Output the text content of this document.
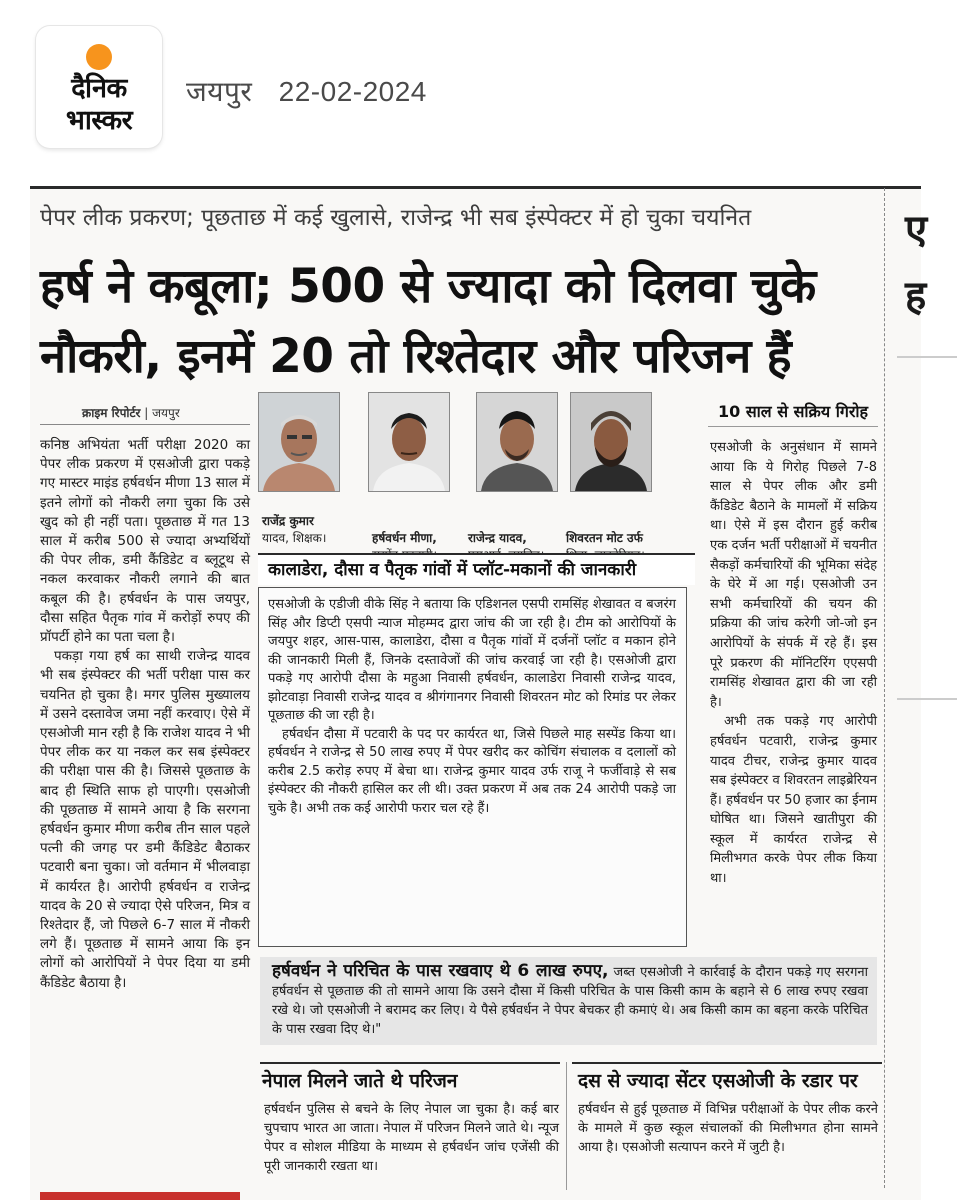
दैनिक
भास्कर
जयपुर 22-02-2024
ए
ह
पेपर लीक प्रकरण; पूछताछ में कई खुलासे, राजेन्द्र भी सब इंस्पेक्टर में हो चुका चयनित
हर्ष ने कबूला; 500 से ज्यादा को दिलवा चुके
नौकरी, इनमें 20 तो रिश्तेदार और परिजन हैं
क्राइम रिपोर्टर | जयपुर

कनिष्ठ अभियंता भर्ती परीक्षा 2020 का पेपर लीक प्रकरण में एसओजी द्वारा पकड़े गए मास्टर माइंड हर्षवर्धन मीणा 13 साल में इतने लोगों को नौकरी लगा चुका कि उसे खुद को ही नहीं पता। पूछताछ में गत 13 साल में करीब 500 से ज्यादा अभ्यर्थियों की पेपर लीक, डमी कैंडिडेट व ब्लूटूथ से नकल करवाकर नौकरी लगाने की बात कबूल की है। हर्षवर्धन के पास जयपुर, दौसा सहित पैतृक गांव में करोड़ों रुपए की प्रॉपर्टी होने का पता चला है।

पकड़ा गया हर्ष का साथी राजेन्द्र यादव भी सब इंस्पेक्टर की भर्ती परीक्षा पास कर चयनित हो चुका है। मगर पुलिस मुख्यालय में उसने दस्तावेज जमा नहीं करवाए। ऐसे में एसओजी मान रही है कि राजेश यादव ने भी पेपर लीक कर या नकल कर सब इंस्पेक्टर की परीक्षा पास की है। जिससे पूछताछ के बाद ही स्थिति साफ हो पाएगी। एसओजी की पूछताछ में सामने आया है कि सरगना हर्षवर्धन कुमार मीणा करीब तीन साल पहले पत्नी की जगह पर डमी कैंडिडेट बैठाकर पटवारी बना चुका। जो वर्तमान में भीलवाड़ा में कार्यरत है। आरोपी हर्षवर्धन व राजेन्द्र यादव के 20 से ज्यादा ऐसे परिजन, मित्र व रिश्तेदार हैं, जो पिछले 6-7 साल में नौकरी लगे हैं। पूछताछ में सामने आया कि इन लोगों को आरोपियों ने पेपर दिया या डमी कैंडिडेट बैठाया है।

राजेंद्र कुमार
यादव, शिक्षक।	हर्षवर्धन मीणा,	राजेन्द्र यादव,	शिवरतन मोट उर्फ

कालाडेरा, दौसा व पैतृक गांवों में प्लॉट-मकानों की जानकारी

एसओजी के एडीजी वीके सिंह ने बताया कि एडिशनल एसपी रामसिंह शेखावत व बजरंग सिंह और डिप्टी एसपी न्याज मोहम्मद द्वारा जांच की जा रही है। टीम को आरोपियों के जयपुर शहर, आस-पास, कालाडेरा, दौसा व पैतृक गांवों में दर्जनों प्लॉट व मकान होने की जानकारी मिली हैं, जिनके दस्तावेजों की जांच करवाई जा रही है। एसओजी द्वारा पकड़े गए आरोपी दौसा के महुआ निवासी हर्षवर्धन, कालाडेरा निवासी राजेन्द्र यादव, झोटवाड़ा निवासी राजेन्द्र यादव व श्रीगंगानगर निवासी शिवरतन मोट को रिमांड पर लेकर पूछताछ की जा रही है।

हर्षवर्धन दौसा में पटवारी के पद पर कार्यरत था, जिसे पिछले माह सस्पेंड किया था। हर्षवर्धन ने राजेन्द्र से 50 लाख रुपए में पेपर खरीद कर कोचिंग संचालक व दलालों को करीब 2.5 करोड़ रुपए में बेचा था। राजेन्द्र कुमार यादव उर्फ राजू ने फर्जीवाड़े से सब इंस्पेक्टर की नौकरी हासिल कर ली थी। उक्त प्रकरण में अब तक 24 आरोपी पकड़े जा चुके है। अभी तक कई आरोपी फरार चल रहे हैं।

10 साल से सक्रिय गिरोह

एसओजी के अनुसंधान में सामने आया कि ये गिरोह पिछले 7-8 साल से पेपर लीक और डमी कैंडिडेट बैठाने के मामलों में सक्रिय था। ऐसे में इस दौरान हुई करीब एक दर्जन भर्ती परीक्षाओं में चयनीत सैकड़ों कर्मचारियों की भूमिका संदेह के घेरे में आ गई। एसओजी उन सभी कर्मचारियों की चयन की प्रक्रिया की जांच करेगी जो-जो इन आरोपियों के संपर्क में रहे हैं। इस पूरे प्रकरण की मॉनिटरिंग एएसपी रामसिंह शेखावत द्वारा की जा रही है।

अभी तक पकड़े गए आरोपी हर्षवर्धन पटवारी, राजेन्द्र कुमार यादव टीचर, राजेन्द्र कुमार यादव सब इंस्पेक्टर व शिवरतन लाइब्रेरियन हैं। हर्षवर्धन पर 50 हजार का ईनाम घोषित था। जिसने खातीपुरा की स्कूल में कार्यरत राजेन्द्र से मिलीभगत करके पेपर लीक किया था।

हर्षवर्धन ने परिचित के पास रखवाए थे 6 लाख रुपए, जब्त एसओजी ने कार्रवाई के दौरान पकड़े गए सरगना हर्षवर्धन से पूछताछ की तो सामने आया कि उसने दौसा में किसी परिचित के पास किसी काम के बहाने से 6 लाख रुपए रखवा रखे थे। जो एसओजी ने बरामद कर लिए। ये पैसे हर्षवर्धन ने पेपर बेचकर ही कमाएं थे। अब किसी काम का बहना करके परिचित के पास रखवा दिए थे।"
नेपाल मिलने जाते थे परिजन
हर्षवर्धन पुलिस से बचने के लिए नेपाल जा चुका है। कई बार चुपचाप भारत आ जाता। नेपाल में परिजन मिलने जाते थे। न्यूज पेपर व सोशल मीडिया के माध्यम से हर्षवर्धन जांच एजेंसी की पूरी जानकारी रखता था।
दस से ज्यादा सेंटर एसओजी के रडार पर
हर्षवर्धन से हुई पूछताछ में विभिन्न परीक्षाओं के पेपर लीक करने के मामले में कुछ स्कूल संचालकों की मिलीभगत होना सामने आया है। एसओजी सत्यापन करने में जुटी है।
